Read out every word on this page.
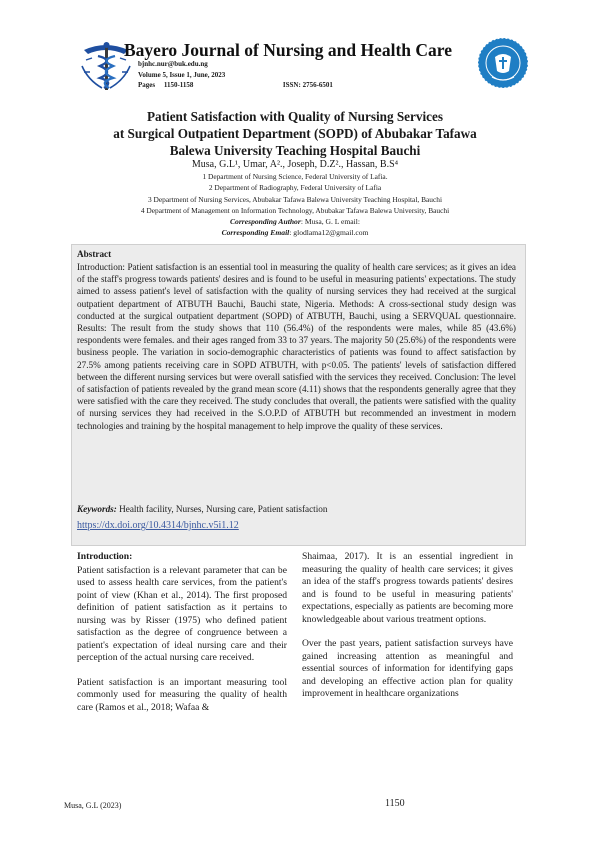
Bayero Journal of Nursing and Health Care
bjnhc.nur@buk.edu.ng
Volume 5, Issue 1, June, 2023
Pages 1150-1158	ISSN: 2756-6501
Patient Satisfaction with Quality of Nursing Services
at Surgical Outpatient Department (SOPD) of Abubakar Tafawa
Balewa University Teaching Hospital Bauchi
Musa, G.L¹, Umar, A²., Joseph, D.Z²., Hassan, B.S⁴
1 Department of Nursing Science, Federal University of Lafia.
2 Department of Radiography, Federal University of Lafia
3 Department of Nursing Services, Abubakar Tafawa Balewa University Teaching Hospital, Bauchi
4 Department of Management on Information Technology, Abubakar Tafawa Balewa University, Bauchi
Corresponding Author: Musa, G. L email:
Corresponding Email: glodlama12@gmail.com
Abstract
Introduction: Patient satisfaction is an essential tool in measuring the quality of health care services; as it gives an idea of the staff's progress towards patients' desires and is found to be useful in measuring patients' expectations. The study aimed to assess patient's level of satisfaction with the quality of nursing services they had received at the surgical outpatient department of ATBUTH Bauchi, Bauchi state, Nigeria. Methods: A cross-sectional study design was conducted at the surgical outpatient department (SOPD) of ATBUTH, Bauchi, using a SERVQUAL questionnaire. Results: The result from the study shows that 110 (56.4%) of the respondents were males, while 85 (43.6%) respondents were females. and their ages ranged from 33 to 37 years. The majority 50 (25.6%) of the respondents were business people. The variation in socio-demographic characteristics of patients was found to affect satisfaction by 27.5% among patients receiving care in SOPD ATBUTH, with p<0.05. The patients' levels of satisfaction differed between the different nursing services but were overall satisfied with the services they received. Conclusion: The level of satisfaction of patients revealed by the grand mean score (4.11) shows that the respondents generally agree that they were satisfied with the care they received. The study concludes that overall, the patients were satisfied with the quality of nursing services they had received in the S.O.P.D of ATBUTH but recommended an investment in modern technologies and training by the hospital management to help improve the quality of these services.
Keywords: Health facility, Nurses, Nursing care, Patient satisfaction
https://dx.doi.org/10.4314/bjnhc.v5i1.12

Introduction:

Patient satisfaction is a relevant parameter that can be used to assess health care services, from the patient's point of view (Khan et al., 2014). The first proposed definition of patient satisfaction as it pertains to nursing was by Risser (1975) who defined patient satisfaction as the degree of congruence between a patient's expectation of ideal nursing care and their perception of the actual nursing care received.

Patient satisfaction is an important measuring tool commonly used for measuring the quality of health care (Ramos et al., 2018; Wafaa &

Shaimaa, 2017). It is an essential ingredient in measuring the quality of health care services; it gives an idea of the staff's progress towards patients' desires and is found to be useful in measuring patients' expectations, especially as patients are becoming more knowledgeable about various treatment options.

Over the past years, patient satisfaction surveys have gained increasing attention as meaningful and essential sources of information for identifying gaps and developing an effective action plan for quality improvement in healthcare organizations

Musa, G.L (2023)	1150
